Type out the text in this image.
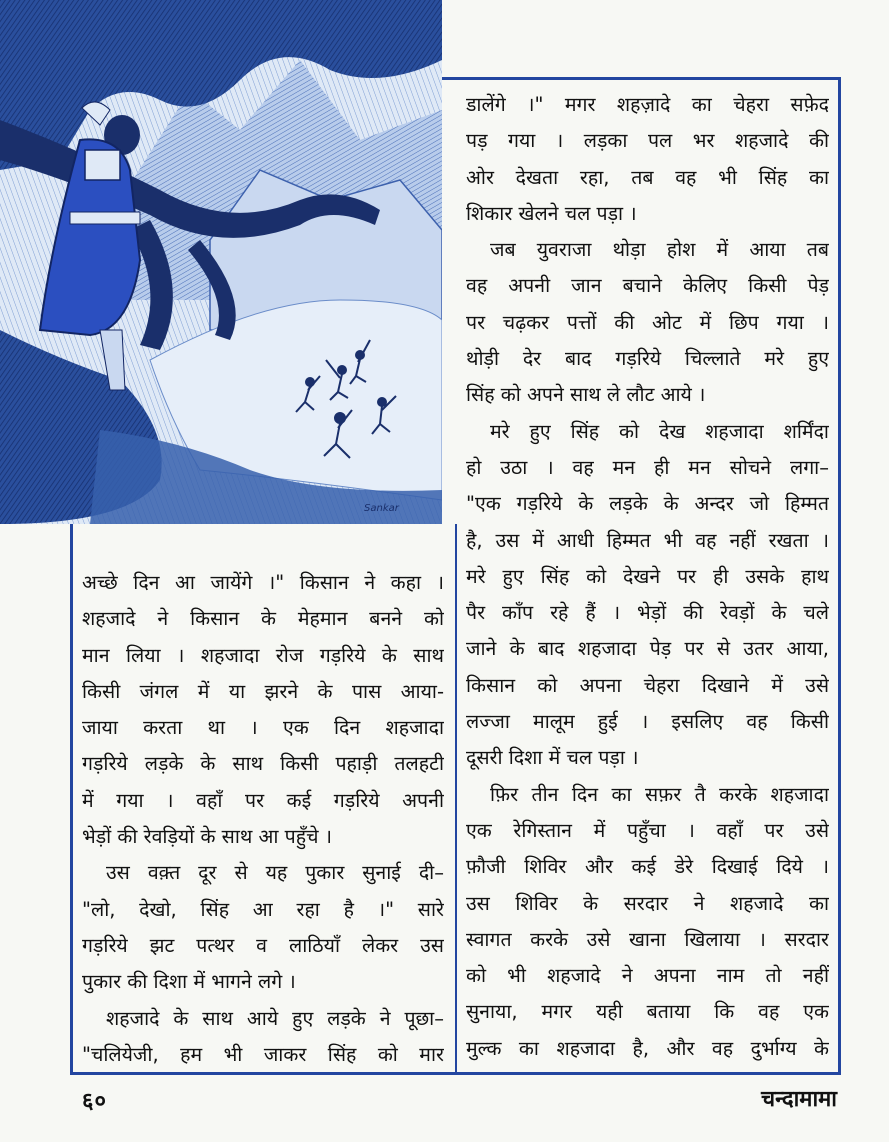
Sankar
डालेंगे ।" मगर शहज़ादे का चेहरा सफ़ेद
पड़ गया । लड़का पल भर शहजादे की
ओर देखता रहा, तब वह भी सिंह का
शिकार खेलने चल पड़ा ।
जब युवराजा थोड़ा होश में आया तब
वह अपनी जान बचाने केलिए किसी पेड़
पर चढ़कर पत्तों की ओट में छिप गया ।
थोड़ी देर बाद गड़रिये चिल्लाते मरे हुए
सिंह को अपने साथ ले लौट आये ।
मरे हुए सिंह को देख शहजादा शर्मिंदा
हो उठा । वह मन ही मन सोचने लगा–
"एक गड़रिये के लड़के के अन्दर जो हिम्मत
है, उस में आधी हिम्मत भी वह नहीं रखता ।
मरे हुए सिंह को देखने पर ही उसके हाथ
पैर काँप रहे हैं । भेड़ों की रेवड़ों के चले
जाने के बाद शहजादा पेड़ पर से उतर आया,
किसान को अपना चेहरा दिखाने में उसे
लज्जा मालूम हुई । इसलिए वह किसी
दूसरी दिशा में चल पड़ा ।
फ़िर तीन दिन का सफ़र तै करके शहजादा
एक रेगिस्तान में पहुँचा । वहाँ पर उसे
फ़ौजी शिविर और कई डेरे दिखाई दिये ।
उस शिविर के सरदार ने शहजादे का
स्वागत करके उसे खाना खिलाया । सरदार
को भी शहजादे ने अपना नाम तो नहीं
सुनाया, मगर यही बताया कि वह एक
मुल्क का शहजादा है, और वह दुर्भाग्य के
अच्छे दिन आ जायेंगे ।" किसान ने कहा ।
शहजादे ने किसान के मेहमान बनने को
मान लिया । शहजादा रोज गड़रिये के साथ
किसी जंगल में या झरने के पास आया-
जाया करता था । एक दिन शहजादा
गड़रिये लड़के के साथ किसी पहाड़ी तलहटी
में गया । वहाँ पर कई गड़रिये अपनी
भेड़ों की रेवड़ियों के साथ आ पहुँचे ।
उस वक़्त दूर से यह पुकार सुनाई दी–
"लो, देखो, सिंह आ रहा है ।" सारे
गड़रिये झट पत्थर व लाठियाँ लेकर उस
पुकार की दिशा में भागने लगे ।
शहजादे के साथ आये हुए लड़के ने पूछा–
"चलियेजी, हम भी जाकर सिंह को मार
६०	चन्दामामा
